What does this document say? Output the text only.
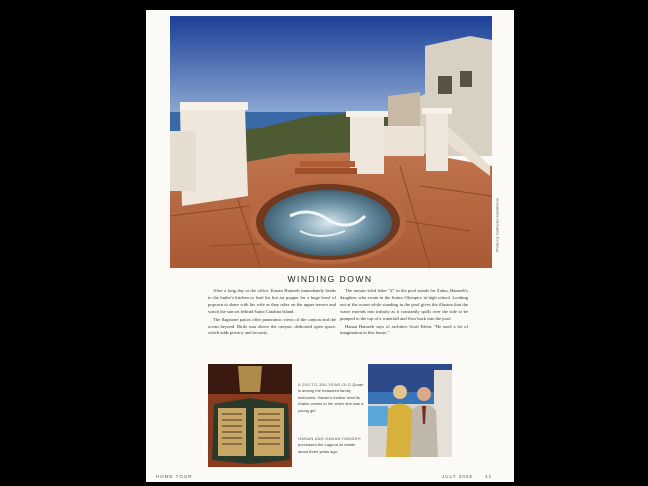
Photo by Nathaniel Hawthorne
WINDING DOWN

After a long day at the office, Kanan Hamzeh immediately heads to the butler's kitchen to load his hot air popper for a huge bowl of popcorn to share with his wife as they relax on the upper terrace and watch the sun set behind Santa Catalina Island.

The flagstone patios offer panoramic views of the canyon and the ocean beyond. Birds soar above the canyon, dedicated open space, which adds privacy and security.

The mosaic-tiled letter "Z" in the pool stands for Zahra, Hamzeh's daughter, who swam in the Junior Olympics in high school. Looking out at the ocean while standing in the pool gives the illusion that the water extends into infinity as it constantly spills over the side to be pumped to the top of a waterfall and flow back into the pool.

Hanan Hamzeh says of architect Scott Klein, "He used a lot of imagination in this house."

A 200-TO-300-YEAR-OLD Quran is among the treasured family heirlooms. Hanan's mother read its Arabic verses to her when she was a young girl.
HANAN AND KANAN HAMZEH purchased the Laguna lot estate about three years ago.
HOME TOUR	JULY 2006	41
